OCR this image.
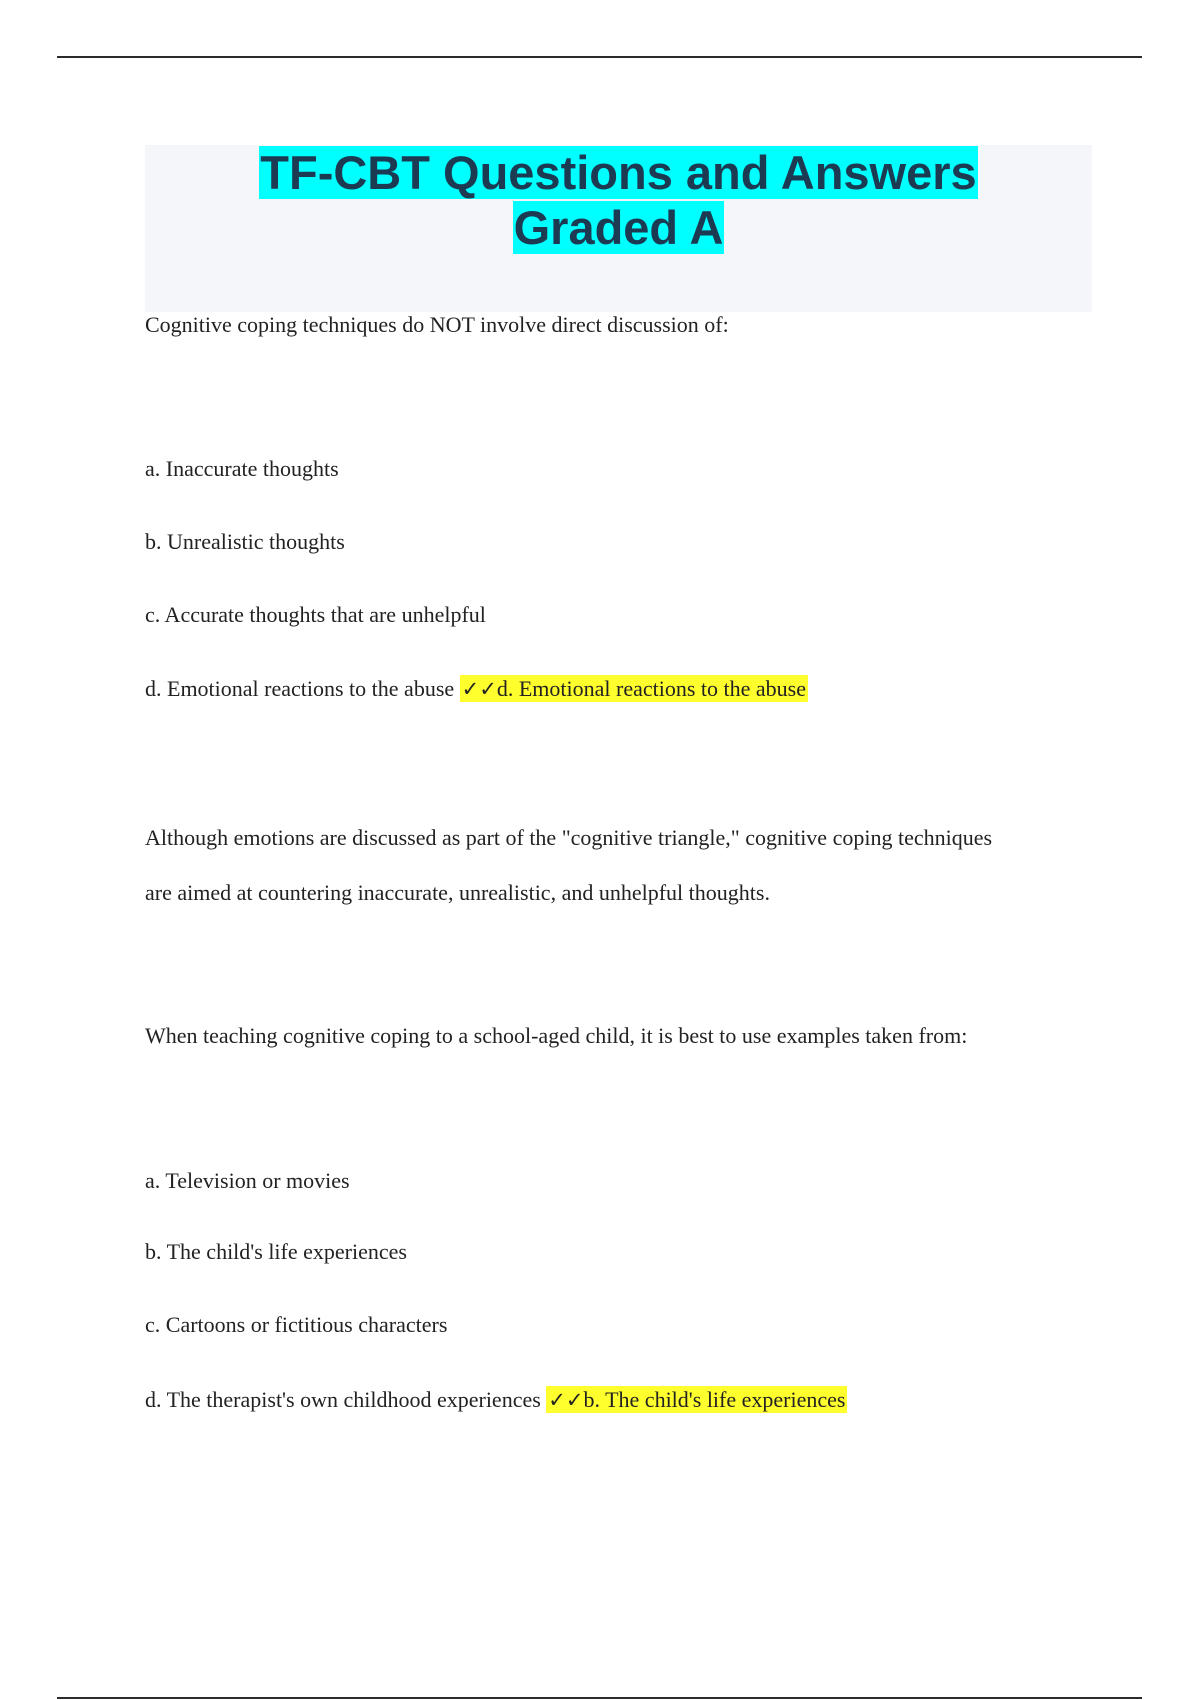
TF-CBT Questions and Answers
Graded A
Cognitive coping techniques do NOT involve direct discussion of:
a. Inaccurate thoughts
b. Unrealistic thoughts
c. Accurate thoughts that are unhelpful
d. Emotional reactions to the abuse ✓✓d. Emotional reactions to the abuse
Although emotions are discussed as part of the "cognitive triangle," cognitive coping techniques
are aimed at countering inaccurate, unrealistic, and unhelpful thoughts.
When teaching cognitive coping to a school-aged child, it is best to use examples taken from:
a. Television or movies
b. The child's life experiences
c. Cartoons or fictitious characters
d. The therapist's own childhood experiences ✓✓b. The child's life experiences
